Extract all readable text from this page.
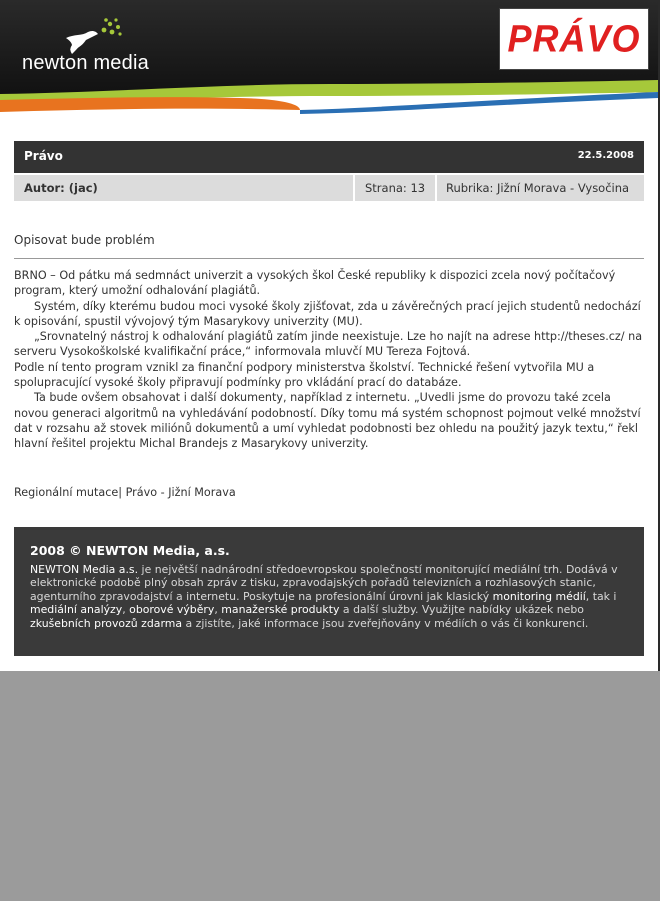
newton media
PRÁVO
Právo	22.5.2008
Autor: (jac)	Strana: 13 Rubrika: Jižní Morava - Vysočina
Opisovat bude problém

BRNO – Od pátku má sedmnáct univerzit a vysokých škol České republiky k dispozici zcela nový počítačový program, který umožní odhalování plagiátů.

Systém, díky kterému budou moci vysoké školy zjišťovat, zda u závěrečných prací jejich studentů nedochází k opisování, spustil vývojový tým Masarykovy univerzity (MU).

„Srovnatelný nástroj k odhalování plagiátů zatím jinde neexistuje. Lze ho najít na adrese http://theses.cz/ na serveru Vysokoškolské kvalifikační práce,“ informovala mluvčí MU Tereza Fojtová.

Podle ní tento program vznikl za finanční podpory ministerstva školství. Technické řešení vytvořila MU a spolupracující vysoké školy připravují podmínky pro vkládání prací do databáze.

Ta bude ovšem obsahovat i další dokumenty, například z internetu. „Uvedli jsme do provozu také zcela novou generaci algoritmů na vyhledávání podobností. Díky tomu má systém schopnost pojmout velké množství dat v rozsahu až stovek miliónů dokumentů a umí vyhledat podobnosti bez ohledu na použitý jazyk textu,“ řekl hlavní řešitel projektu Michal Brandejs z Masarykovy univerzity.

Regionální mutace| Právo - Jižní Morava
2008 © NEWTON Media, a.s.
NEWTON Media a.s. je největší nadnárodní středoevropskou společností monitorující mediální trh. Dodává v elektronické podobě plný obsah zpráv z tisku, zpravodajských pořadů televizních a rozhlasových stanic, agenturního zpravodajství a internetu. Poskytuje na profesionální úrovni jak klasický monitoring médií, tak i mediální analýzy, oborové výběry, manažerské produkty a další služby. Využijte nabídky ukázek nebo zkušebních provozů zdarma a zjistíte, jaké informace jsou zveřejňovány v médiích o vás či konkurenci.
